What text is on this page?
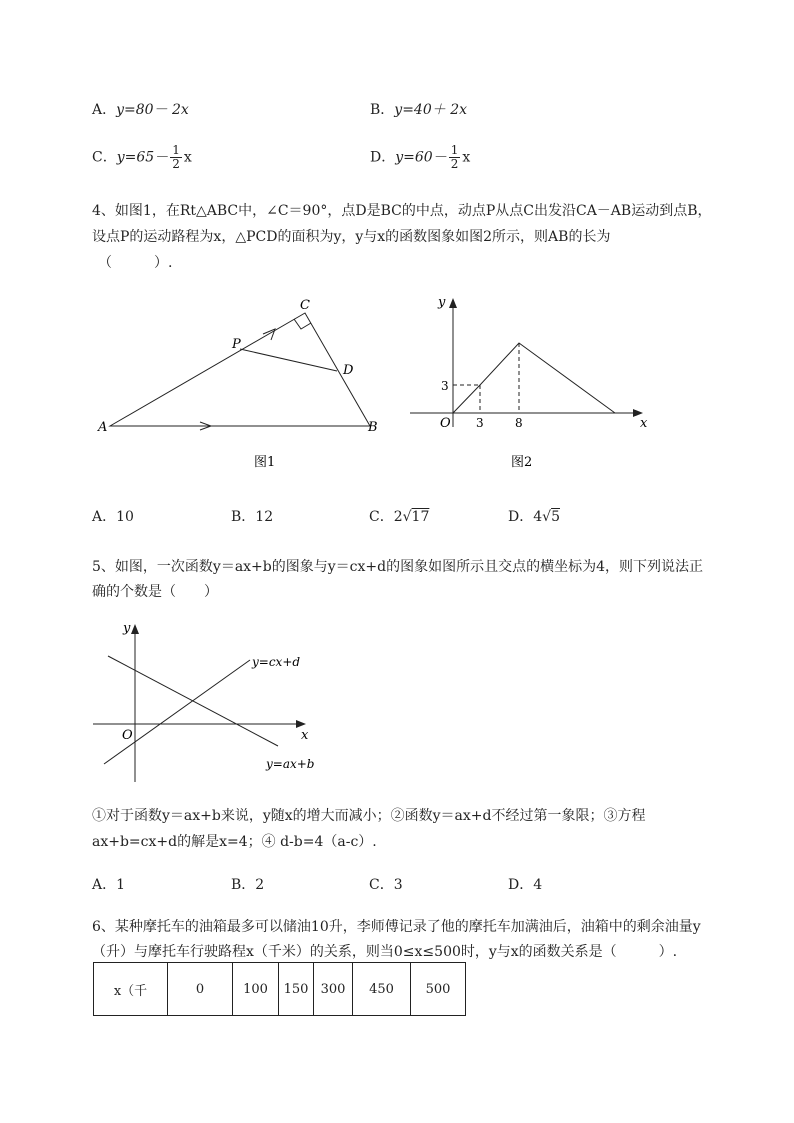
A．y=80－ 2x	B．y=40＋ 2x
C．$y=65- \frac{1}{2}$ x	D．$y=60- \frac{1}{2}$ x
4、如图1，在Rt△ABC中，∠C＝90°，点D是BC的中点，动点P从点C出发沿CA－AB运动到点B，
设点P的运动路程为x，△PCD的面积为y，y与x的函数图象如图2所示，则AB的长为
（　　　）.
A	B
C
D
P
图1
y
x
O
3
3	8
图2
A．10	B．12	C．2√17	D．4√5
5、如图，一次函数y＝ax+b的图象与y＝cx+d的图象如图所示且交点的横坐标为4，则下列说法正
确的个数是（　　）
y
x
O
y=cx+d
y=ax+b
①对于函数y＝ax+b来说，y随x的增大而减小；②函数y＝ax+d不经过第一象限；③方程
ax+b=cx+d的解是x=4；④ d-b=4（a-c）.
A．1	B．2	C．3	D．4
6、某种摩托车的油箱最多可以储油10升，李师傅记录了他的摩托车加满油后，油箱中的剩余油量y
（升）与摩托车行驶路程x（千米）的关系，则当0≤x≤500时，y与x的函数关系是（　　　）.
x（千	0	100	150	300	450	500
